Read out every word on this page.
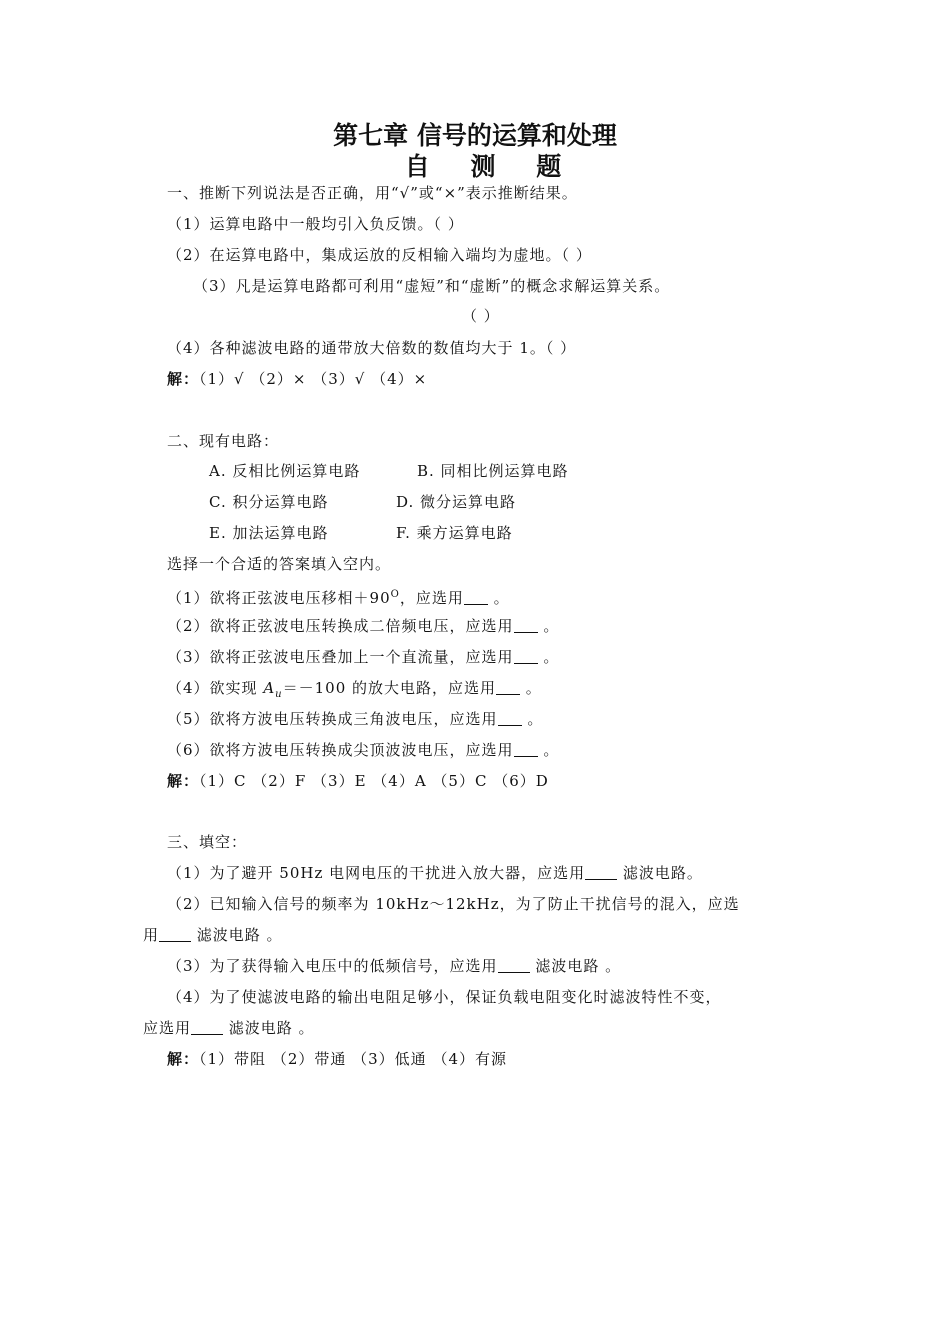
第七章 信号的运算和处理
自 测 题
一、推断下列说法是否正确，用“√”或“×”表示推断结果。
（1）运算电路中一般均引入负反馈。（ ）
（2）在运算电路中，集成运放的反相输入端均为虚地。（ ）
（3）凡是运算电路都可利用“虚短”和“虚断”的概念求解运算关系。
（ ）
（4）各种滤波电路的通带放大倍数的数值均大于 1。（ ）
解：（1）√ （2）× （3）√ （4）×
二、现有电路：
A. 反相比例运算电路	B. 同相比例运算电路
C. 积分运算电路	D. 微分运算电路
E. 加法运算电路	F. 乘方运算电路
选择一个合适的答案填入空内。
（1）欲将正弦波电压移相$+90^O$，应选用 。
（2）欲将正弦波电压转换成二倍频电压，应选用 。
（3）欲将正弦波电压叠加上一个直流量，应选用 。
（4）欲实现 $A_u=-100$ 的放大电路，应选用 。
（5）欲将方波电压转换成三角波电压，应选用 。
（6）欲将方波电压转换成尖顶波波电压，应选用 。
解：（1）C （2）F （3）E （4）A （5）C （6）D
三、填空：
（1）为了避开 50Hz 电网电压的干扰进入放大器，应选用 滤波电路。
（2）已知输入信号的频率为 10kHz～12kHz，为了防止干扰信号的混入，应选
用 滤波电路 。
（3）为了获得输入电压中的低频信号，应选用 滤波电路 。
（4）为了使滤波电路的输出电阻足够小，保证负载电阻变化时滤波特性不变，
应选用 滤波电路 。
解：（1）带阻 （2）带通 （3）低通 （4）有源
